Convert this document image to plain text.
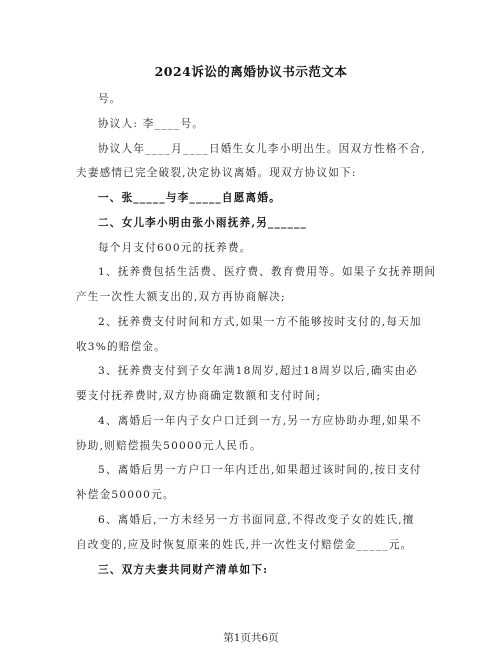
2024诉讼的离婚协议书示范文本
号。
协议人: 李____号。
协议人年____月____日婚生女儿李小明出生。因双方性格不合,
夫妻感情已完全破裂,决定协议离婚。现双方协议如下:
一、张_____与李_____自愿离婚。
二、女儿李小明由张小雨抚养,另______
每个月支付600元的抚养费。
1、抚养费包括生活费、医疗费、教育费用等。如果子女抚养期间
产生一次性大额支出的,双方再协商解决;
2、抚养费支付时间和方式,如果一方不能够按时支付的,每天加
收3%的赔偿金。
3、抚养费支付到子女年满18周岁,超过18周岁以后,确实由必
要支付抚养费时,双方协商确定数额和支付时间;
4、离婚后一年内子女户口迁到一方,另一方应协助办理,如果不
协助,则赔偿损失50000元人民币。
5、离婚后男一方户口一年内迁出,如果超过该时间的,按日支付
补偿金50000元。
6、离婚后,一方未经另一方书面同意,不得改变子女的姓氏,擅
自改变的,应及时恢复原来的姓氏,并一次性支付赔偿金_____元。
三、双方夫妻共同财产清单如下:
第1页共6页
